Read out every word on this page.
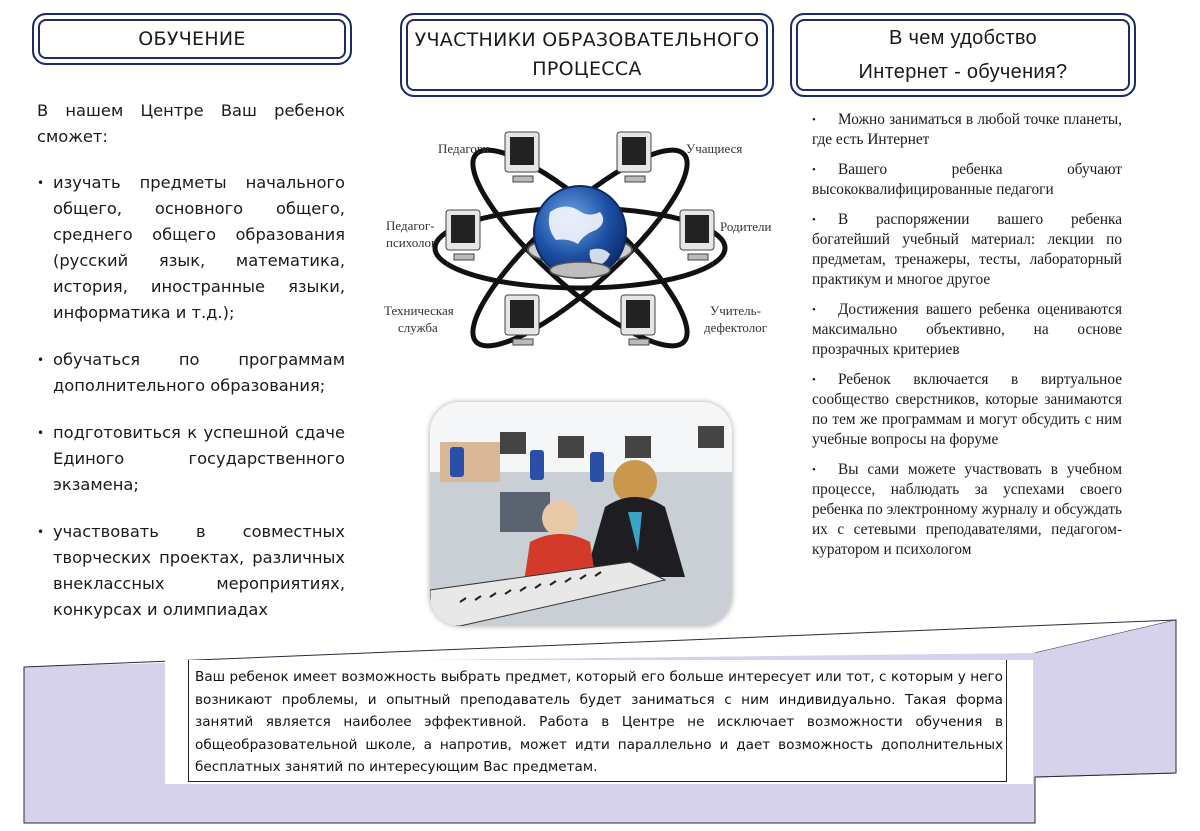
ОБУЧЕНИЕ	УЧАСТНИКИ ОБРАЗОВАТЕЛЬНОГО
ПРОЦЕССА
В чем удобство
Интернет - обучения?

В нашем Центре Ваш ребенок сможет:

• изучать предметы начального общего, основного общего, среднего общего образования (русский язык, математика, история, иностранные языки, информатика и т.д.);
• обучаться по программам дополнительного образования;
• подготовиться к успешной сдаче Единого государственного экзамена;
• участвовать в совместных творческих проектах, различных внеклассных мероприятиях, конкурсах и олимпиадах
Педагоги	Учащиеся
Педагог-
психолог
Родители
Техническая
служба
Учитель-
дефектолог
• Можно заниматься в любой точке планеты, где есть Интернет
• Вашего ребенка обучают высококвалифицированные педагоги
• В распоряжении вашего ребенка богатейший учебный материал: лекции по предметам, тренажеры, тесты, лабораторный практикум и многое другое
• Достижения вашего ребенка оцениваются максимально объективно, на основе прозрачных критериев
• Ребенок включается в виртуальное сообщество сверстников, которые занимаются по тем же программам и могут обсудить с ним учебные вопросы на форуме
• Вы сами можете участвовать в учебном процессе, наблюдать за успехами своего ребенка по электронному журналу и обсуждать их с сетевыми преподавателями, педагогом-куратором и психологом
Ваш ребенок имеет возможность выбрать предмет, который его больше интересует или тот, с которым у него возникают проблемы, и опытный преподаватель будет заниматься с ним индивидуально. Такая форма занятий является наиболее эффективной. Работа в Центре не исключает возможности обучения в общеобразовательной школе, а напротив, может идти параллельно и дает возможность дополнительных бесплатных занятий по интересующим Вас предметам.
